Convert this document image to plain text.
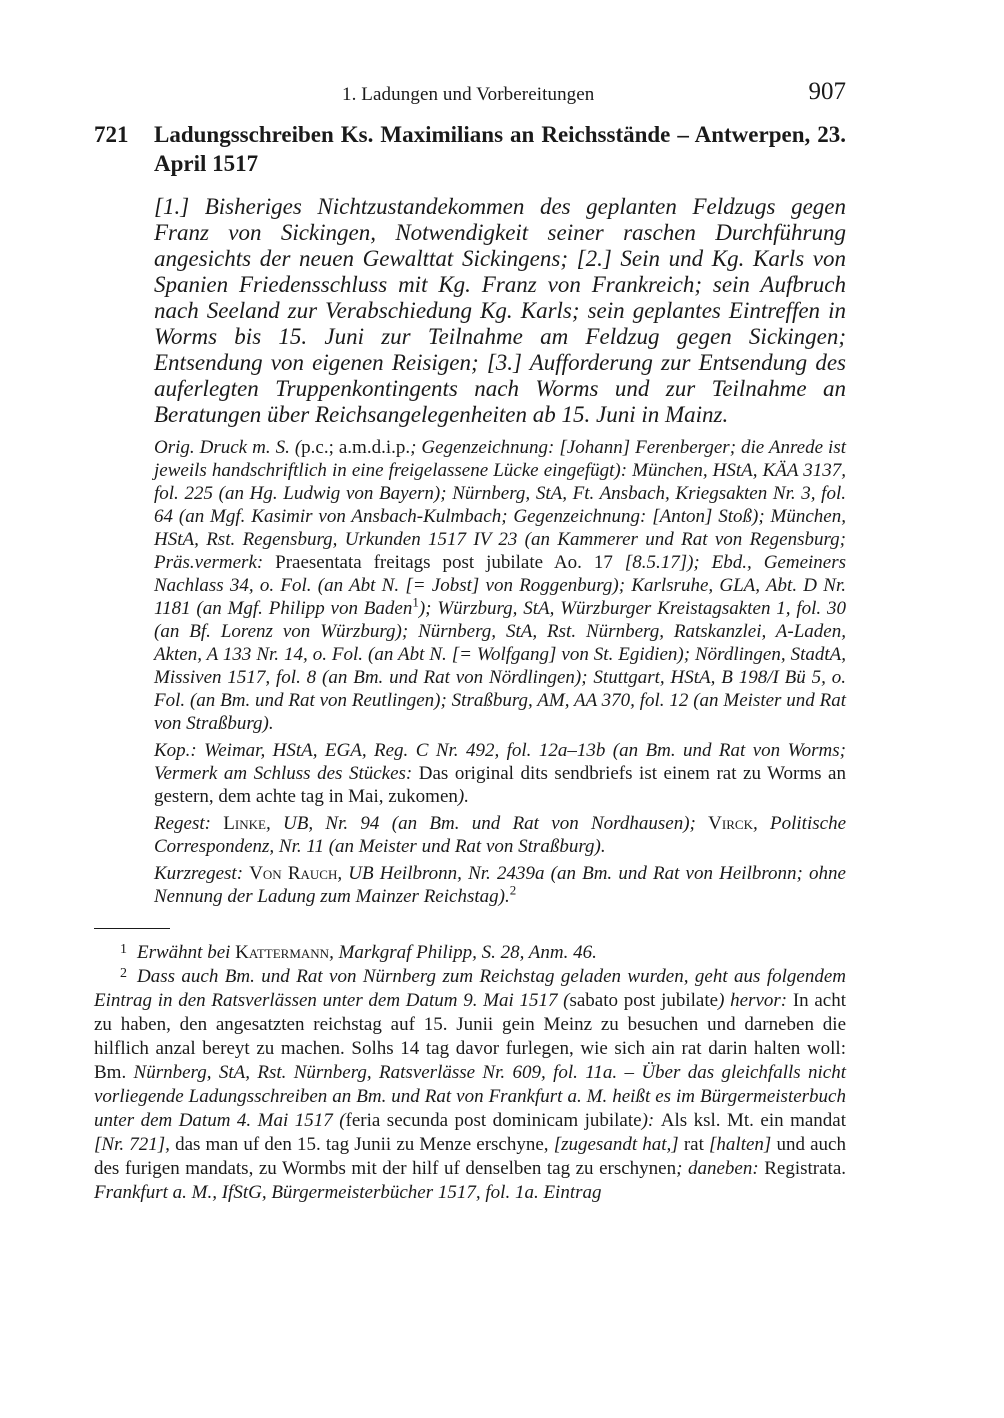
1. Ladungen und Vorbereitungen	907
721 Ladungsschreiben Ks. Maximilians an Reichsstände – Antwerpen, 23. April 1517
[1.] Bisheriges Nichtzustandekommen des geplanten Feldzugs gegen Franz von Sickingen, Notwendigkeit seiner raschen Durchführung angesichts der neuen Gewalttat Sickingens; [2.] Sein und Kg. Karls von Spanien Friedensschluss mit Kg. Franz von Frankreich; sein Aufbruch nach Seeland zur Verabschiedung Kg. Karls; sein geplantes Eintreffen in Worms bis 15. Juni zur Teilnahme am Feldzug gegen Sickingen; Entsendung von eigenen Reisigen; [3.] Aufforderung zur Entsendung des auferlegten Truppenkontingents nach Worms und zur Teilnahme an Beratungen über Reichsangelegenheiten ab 15. Juni in Mainz.

Orig. Druck m. S. (p.c.; a.m.d.i.p.; Gegenzeichnung: [Johann] Ferenberger; die Anrede ist jeweils handschriftlich in eine freigelassene Lücke eingefügt): München, HStA, KÄA 3137, fol. 225 (an Hg. Ludwig von Bayern); Nürnberg, StA, Ft. Ansbach, Kriegsakten Nr. 3, fol. 64 (an Mgf. Kasimir von Ansbach-Kulmbach; Gegenzeichnung: [Anton] Stoß); München, HStA, Rst. Regensburg, Urkunden 1517 IV 23 (an Kammerer und Rat von Regensburg; Präs.vermerk: Praesentata freitags post jubilate Ao. 17 [8.5.17]); Ebd., Gemeiners Nachlass 34, o. Fol. (an Abt N. [= Jobst] von Roggenburg); Karlsruhe, GLA, Abt. D Nr. 1181 (an Mgf. Philipp von Baden$^1$); Würzburg, StA, Würzburger Kreistagsakten 1, fol. 30 (an Bf. Lorenz von Würzburg); Nürnberg, StA, Rst. Nürnberg, Ratskanzlei, A-Laden, Akten, A 133 Nr. 14, o. Fol. (an Abt N. [= Wolfgang] von St. Egidien); Nördlingen, StadtA, Missiven 1517, fol. 8 (an Bm. und Rat von Nördlingen); Stuttgart, HStA, B 198/I Bü 5, o. Fol. (an Bm. und Rat von Reutlingen); Straßburg, AM, AA 370, fol. 12 (an Meister und Rat von Straßburg).

Kop.: Weimar, HStA, EGA, Reg. C Nr. 492, fol. 12a–13b (an Bm. und Rat von Worms; Vermerk am Schluss des Stückes: Das original dits sendbriefs ist einem rat zu Worms an gestern, dem achte tag in Mai, zukomen).

Regest: Linke, UB, Nr. 94 (an Bm. und Rat von Nordhausen); Virck, Politische Correspondenz, Nr. 11 (an Meister und Rat von Straßburg).

Kurzregest: Von Rauch, UB Heilbronn, Nr. 2439a (an Bm. und Rat von Heilbronn; ohne Nennung der Ladung zum Mainzer Reichstag).$^2$

1 Erwähnt bei Kattermann, Markgraf Philipp, S. 28, Anm. 46.

2 Dass auch Bm. und Rat von Nürnberg zum Reichstag geladen wurden, geht aus folgendem Eintrag in den Ratsverlässen unter dem Datum 9. Mai 1517 (sabato post jubilate) hervor: In acht zu haben, den angesatzten reichstag auf 15. Junii gein Meinz zu besuchen und darneben die hilflich anzal bereyt zu machen. Solhs 14 tag davor furlegen, wie sich ain rat darin halten woll: Bm. Nürnberg, StA, Rst. Nürnberg, Ratsverlässe Nr. 609, fol. 11a. – Über das gleichfalls nicht vorliegende Ladungsschreiben an Bm. und Rat von Frankfurt a. M. heißt es im Bürgermeisterbuch unter dem Datum 4. Mai 1517 (feria secunda post dominicam jubilate): Als ksl. Mt. ein mandat [Nr. 721], das man uf den 15. tag Junii zu Menze erschyne, [zugesandt hat,] rat [halten] und auch des furigen mandats, zu Wormbs mit der hilf uf denselben tag zu erschynen; daneben: Registrata. Frankfurt a. M., IfStG, Bürgermeisterbücher 1517, fol. 1a. Eintrag
